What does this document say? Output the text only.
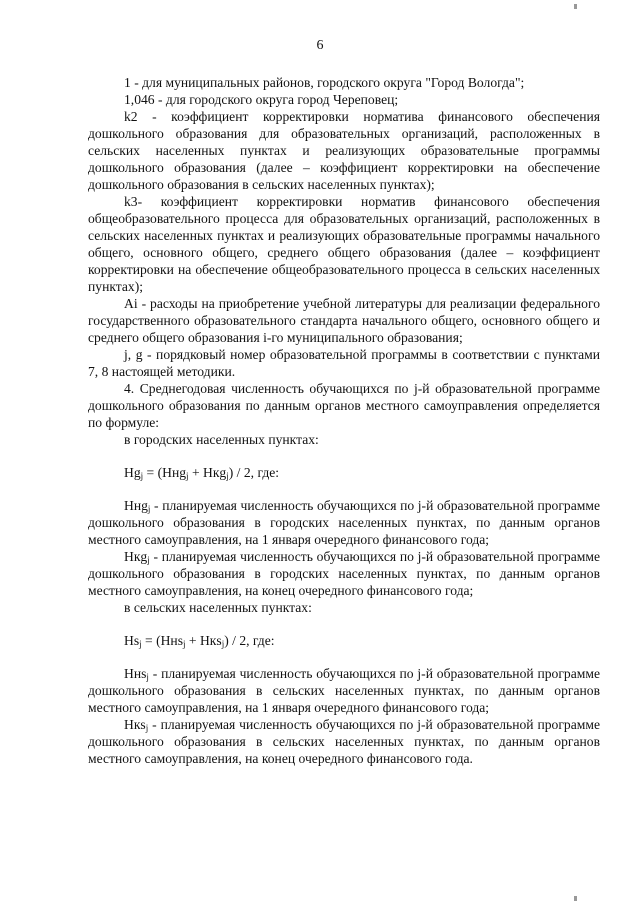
6

1 - для муниципальных районов, городского округа "Город Вологда";

1,046 - для городского округа город Череповец;

k2 - коэффициент корректировки норматива финансового обеспечения дошкольного образования для образовательных организаций, расположенных в сельских населенных пунктах и реализующих образовательные программы дошкольного образования (далее – коэффициент корректировки на обеспечение дошкольного образования в сельских населенных пунктах);

k3- коэффициент корректировки норматив финансового обеспечения общеобразовательного процесса для образовательных организаций, расположенных в сельских населенных пунктах и реализующих образовательные программы начального общего, основного общего, среднего общего образования (далее – коэффициент корректировки на обеспечение общеобразовательного процесса в сельских населенных пунктах);

Аi - расходы на приобретение учебной литературы для реализации федерального государственного образовательного стандарта начального общего, основного общего и среднего общего образования i-го муниципального образования;

j, g - порядковый номер образовательной программы в соответствии с пунктами 7, 8 настоящей методики.

4. Среднегодовая численность обучающихся по j-й образовательной программе дошкольного образования по данным органов местного самоуправления определяется по формуле:

в городских населенных пунктах:

$Hg_j = (Hнg_j + Hкg_j) / 2$, где:

Hнg$_j$ - планируемая численность обучающихся по j-й образовательной программе дошкольного образования в городских населенных пунктах, по данным органов местного самоуправления, на 1 января очередного финансового года;

Hкg$_j$ - планируемая численность обучающихся по j-й образовательной программе дошкольного образования в городских населенных пунктах, по данным органов местного самоуправления, на конец очередного финансового года;

в сельских населенных пунктах:

$Hs_j = (Hнs_j + Hкs_j) / 2$, где:

Hнs$_j$ - планируемая численность обучающихся по j-й образовательной программе дошкольного образования в сельских населенных пунктах, по данным органов местного самоуправления, на 1 января очередного финансового года;

Hкs$_j$ - планируемая численность обучающихся по j-й образовательной программе дошкольного образования в сельских населенных пунктах, по данным органов местного самоуправления, на конец очередного финансового года.
